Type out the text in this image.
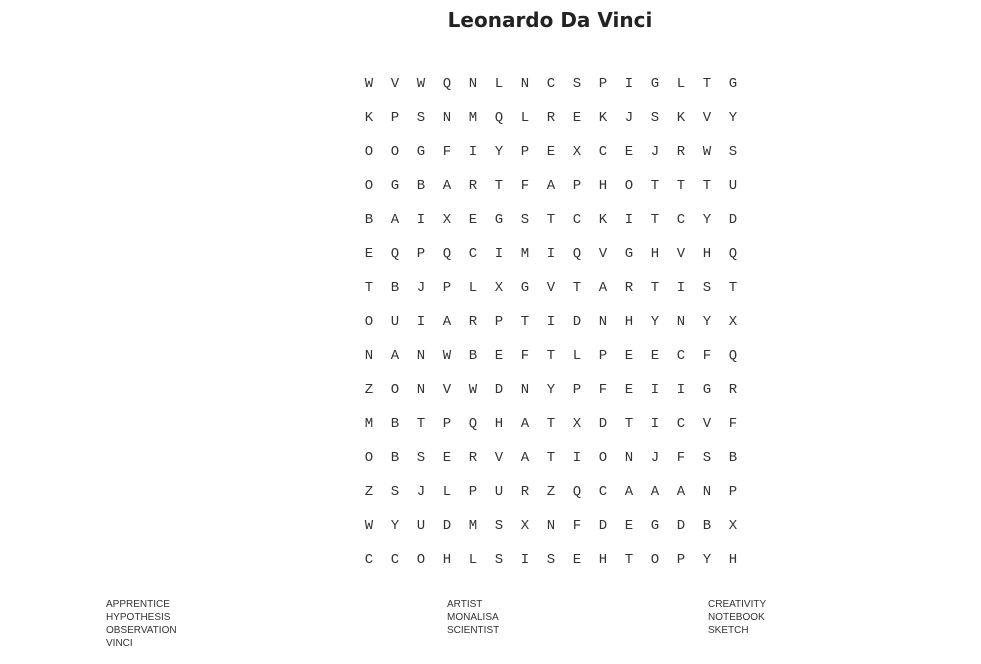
Leonardo Da Vinci
W V W Q N L N C S P I G L T G
K P S N M Q L R E K J S K V Y
O O G F I Y P E X C E J R W S
O G B A R T F A P H O T T T U
B A I X E G S T C K I T C Y D
E Q P Q C I M I Q V G H V H Q
T B J P L X G V T A R T I S T
O U I A R P T I D N H Y N Y X
N A N W B E F T L P E E C F Q
Z O N V W D N Y P F E I I G R
M B T P Q H A T X D T I C V F
O B S E R V A T I O N J F S B
Z S J L P U R Z Q C A A A N P
W Y U D M S X N F D E G D B X
C C O H L S I S E H T O P Y H
APPRENTICE
HYPOTHESIS
OBSERVATION
VINCI
ARTIST
MONALISA
SCIENTIST
CREATIVITY
NOTEBOOK
SKETCH
